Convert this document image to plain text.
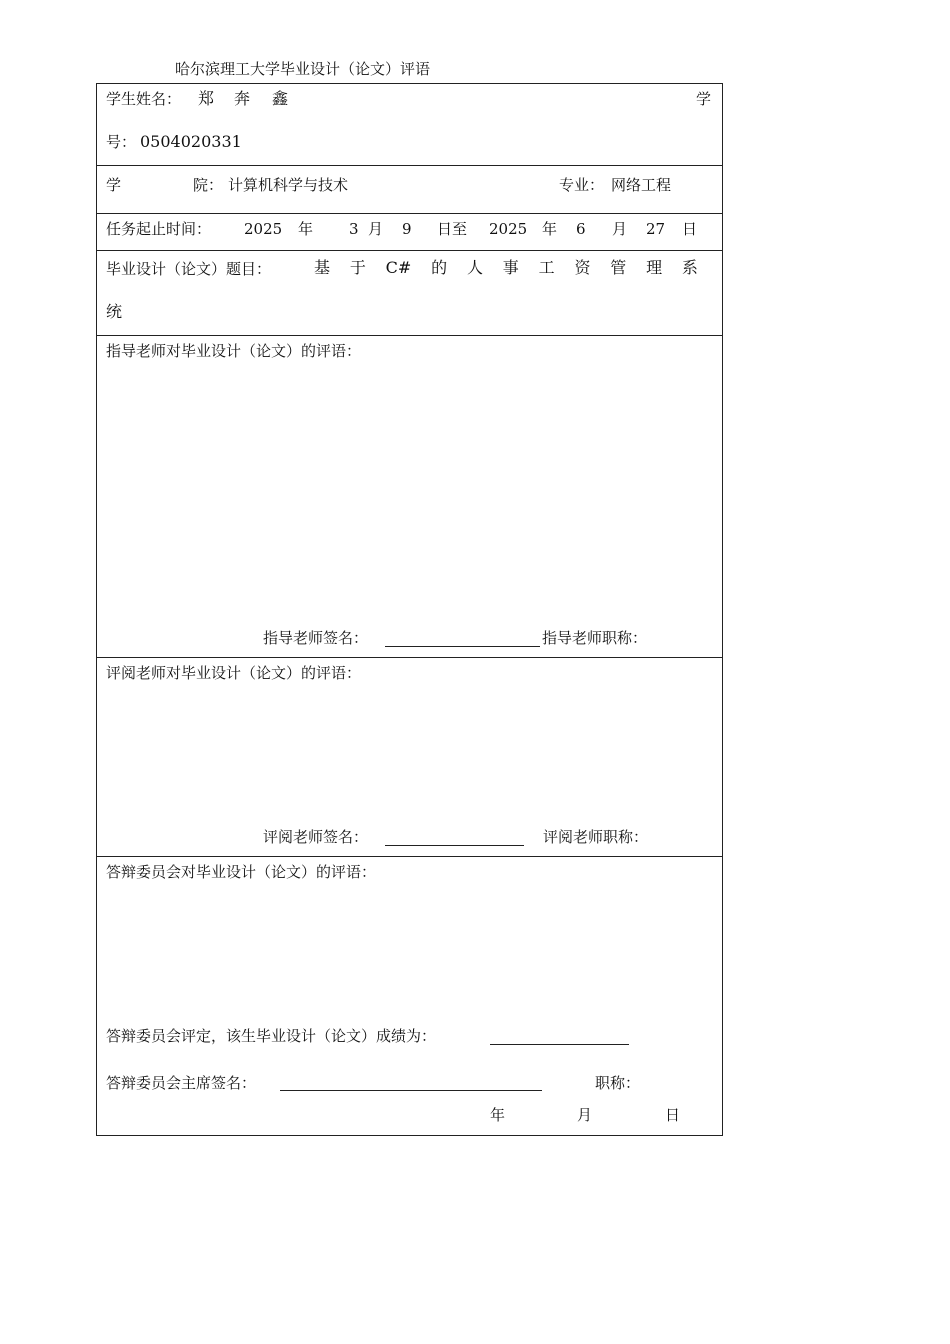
哈尔滨理工大学毕业设计（论文）评语
学生姓名： 郑 奔 鑫	学
号： 0504020331
学	院： 计算机科学与技术	专业： 网络工程
任务起止时间： 2025 年 3 月 9 日至 2025 年 6 月 27 日
毕业设计（论文）题目：	基 于 C# 的 人 事 工 资 管 理 系
统
指导老师对毕业设计（论文）的评语：
指导老师签名：	指导老师职称：
评阅老师对毕业设计（论文）的评语：
评阅老师签名：	评阅老师职称：
答辩委员会对毕业设计（论文）的评语：
答辩委员会评定，该生毕业设计（论文）成绩为：
答辩委员会主席签名：	职称：
年	月	日
